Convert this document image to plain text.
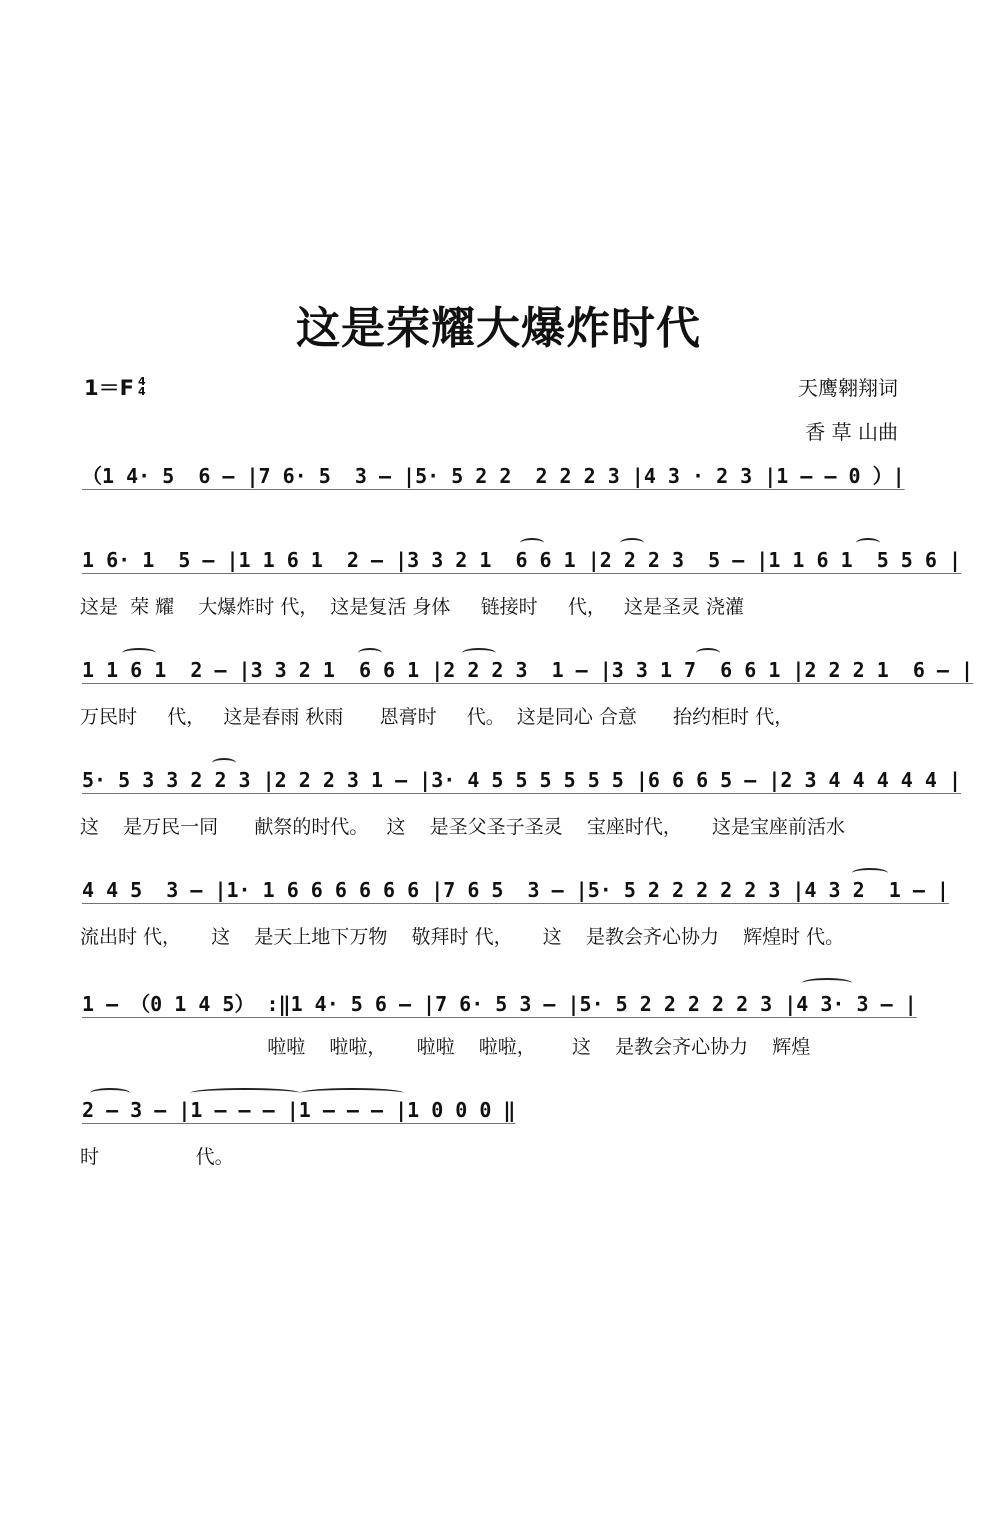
这是荣耀大爆炸时代
1＝F 4
4	天鹰翱翔词
香 草 山曲
（1 4· 5  6 – |7 6· 5  3 – |5· 5 2 2  2 2 2 3 |4 3 · 2 3 |1 – – 0 ）|
1 6· 1  5 – |1 1 6 1  2 – |3 3 2 1  6 6 1 |2 2 2 3  5 – |1 1 6 1  5 5 6 |
这是  荣 耀    大爆炸时 代，  这是复活 身体     链接时     代，   这是圣灵 浇灌
1 1 6 1  2 – |3 3 2 1  6 6 1 |2 2 2 3  1 – |3 3 1 7  6 6 1 |2 2 2 1  6 – |
万民时     代，   这是春雨 秋雨      恩膏时     代。  这是同心 合意      抬约柜时 代，
5· 5 3 3 2 2 3 |2 2 2 3 1 – |3· 4 5 5 5 5 5 5 |6 6 6 5 – |2 3 4 4 4 4 4 |
这    是万民一同      献祭的时代。   这    是圣父圣子圣灵    宝座时代，     这是宝座前活水
4 4 5  3 – |1· 1 6 6 6 6 6 6 |7 6 5  3 – |5· 5 2 2 2 2 2 3 |4 3 2  1 – |
流出时 代，     这    是天上地下万物    敬拜时 代，     这    是教会齐心协力    辉煌时 代。
1 – （0 1 4 5） :‖1 4· 5 6 – |7 6· 5 3 – |5· 5 2 2 2 2 2 3 |4 3· 3 – |
啦啦    啦啦，     啦啦    啦啦，      这    是教会齐心协力    辉煌
2 – 3 – |1 – – – |1 – – – |1 0 0 0 ‖
时                代。
